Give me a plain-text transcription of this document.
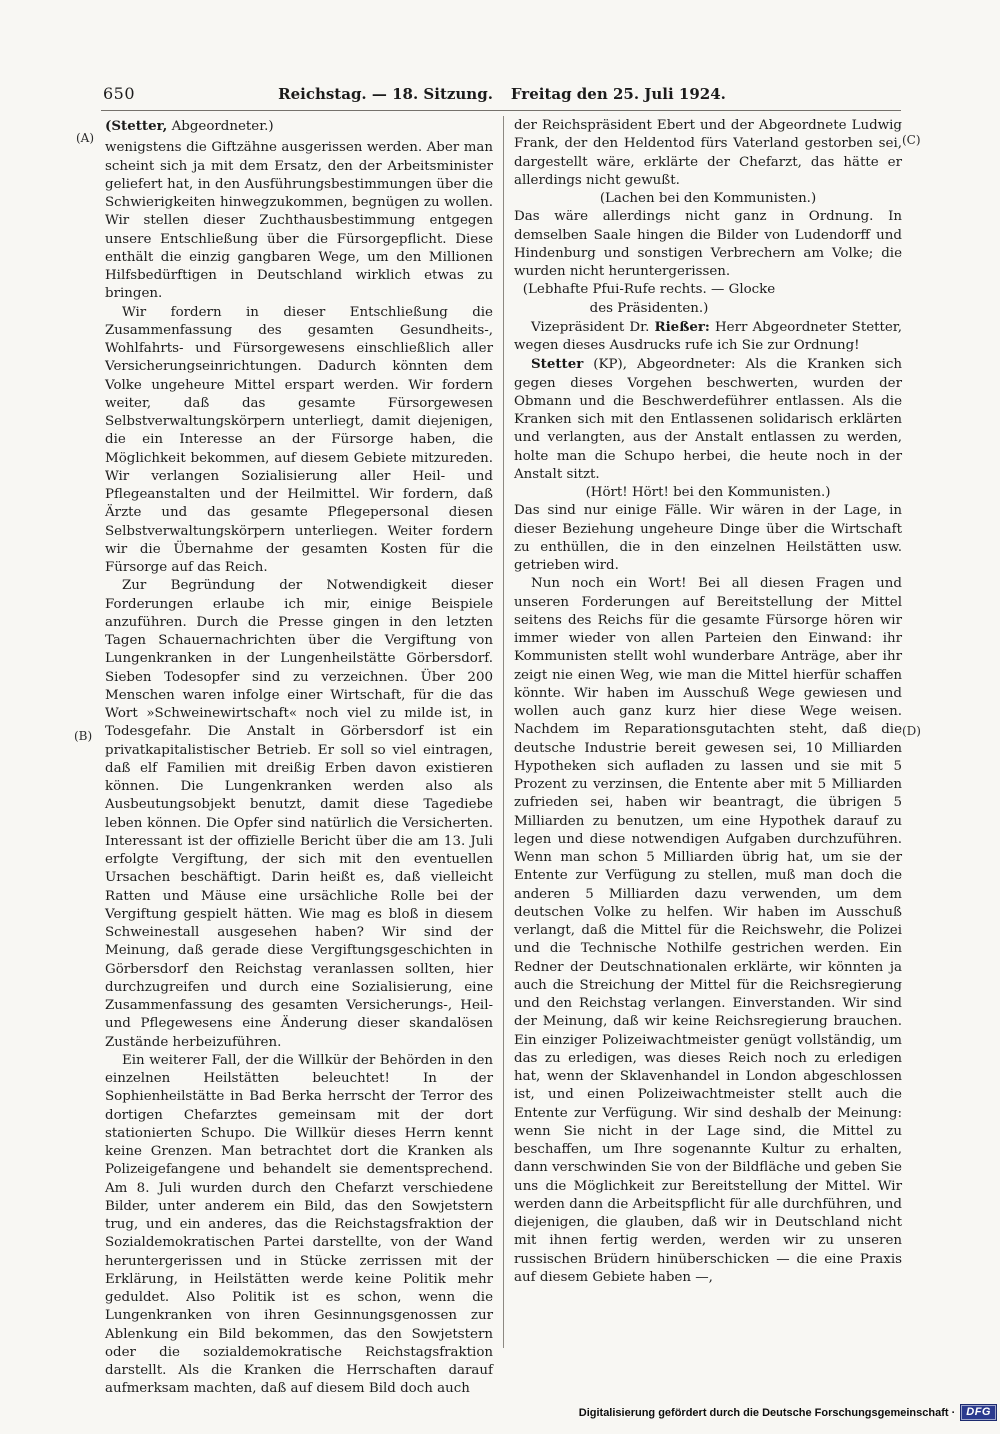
650	Reichstag. — 18. Sitzung. Freitag den 25. Juli 1924.
(A)
(B)
(C)
(D)

(Stetter, Abgeordneter.)

wenigstens die Giftzähne ausgerissen werden. Aber man scheint sich ja mit dem Ersatz, den der Arbeitsminister geliefert hat, in den Ausführungsbestimmungen über die Schwierigkeiten hinwegzukommen, begnügen zu wollen. Wir stellen dieser Zuchthausbestimmung entgegen unsere Entschließung über die Fürsorgepflicht. Diese enthält die einzig gangbaren Wege, um den Millionen Hilfsbedürftigen in Deutschland wirklich etwas zu bringen.

Wir fordern in dieser Entschließung die Zusammenfassung des gesamten Gesundheits-, Wohlfahrts- und Fürsorgewesens einschließlich aller Versicherungseinrichtungen. Dadurch könnten dem Volke ungeheure Mittel erspart werden. Wir fordern weiter, daß das gesamte Fürsorgewesen Selbstverwaltungskörpern unterliegt, damit diejenigen, die ein Interesse an der Fürsorge haben, die Möglichkeit bekommen, auf diesem Gebiete mitzureden. Wir verlangen Sozialisierung aller Heil- und Pflegeanstalten und der Heilmittel. Wir fordern, daß Ärzte und das gesamte Pflegepersonal diesen Selbstverwaltungskörpern unterliegen. Weiter fordern wir die Übernahme der gesamten Kosten für die Fürsorge auf das Reich.

Zur Begründung der Notwendigkeit dieser Forderungen erlaube ich mir, einige Beispiele anzuführen. Durch die Presse gingen in den letzten Tagen Schauernachrichten über die Vergiftung von Lungenkranken in der Lungenheilstätte Görbersdorf. Sieben Todesopfer sind zu verzeichnen. Über 200 Menschen waren infolge einer Wirtschaft, für die das Wort »Schweinewirtschaft« noch viel zu milde ist, in Todesgefahr. Die Anstalt in Görbersdorf ist ein privatkapitalistischer Betrieb. Er soll so viel eintragen, daß elf Familien mit dreißig Erben davon existieren können. Die Lungenkranken werden also als Ausbeutungsobjekt benutzt, damit diese Tagediebe leben können. Die Opfer sind natürlich die Versicherten. Interessant ist der offizielle Bericht über die am 13. Juli erfolgte Vergiftung, der sich mit den eventuellen Ursachen beschäftigt. Darin heißt es, daß vielleicht Ratten und Mäuse eine ursächliche Rolle bei der Vergiftung gespielt hätten. Wie mag es bloß in diesem Schweinestall ausgesehen haben? Wir sind der Meinung, daß gerade diese Vergiftungsgeschichten in Görbersdorf den Reichstag veranlassen sollten, hier durchzugreifen und durch eine Sozialisierung, eine Zusammenfassung des gesamten Versicherungs-, Heil- und Pflegewesens eine Änderung dieser skandalösen Zustände herbeizuführen.

Ein weiterer Fall, der die Willkür der Behörden in den einzelnen Heilstätten beleuchtet! In der Sophienheilstätte in Bad Berka herrscht der Terror des dortigen Chefarztes gemeinsam mit der dort stationierten Schupo. Die Willkür dieses Herrn kennt keine Grenzen. Man betrachtet dort die Kranken als Polizeigefangene und behandelt sie dementsprechend. Am 8. Juli wurden durch den Chefarzt verschiedene Bilder, unter anderem ein Bild, das den Sowjetstern trug, und ein anderes, das die Reichstagsfraktion der Sozialdemokratischen Partei darstellte, von der Wand heruntergerissen und in Stücke zerrissen mit der Erklärung, in Heilstätten werde keine Politik mehr geduldet. Also Politik ist es schon, wenn die Lungenkranken von ihren Gesinnungsgenossen zur Ablenkung ein Bild bekommen, das den Sowjetstern oder die sozialdemokratische Reichstagsfraktion darstellt. Als die Kranken die Herrschaften darauf aufmerksam machten, daß auf diesem Bild doch auch

der Reichspräsident Ebert und der Abgeordnete Ludwig Frank, der den Heldentod fürs Vaterland gestorben sei, dargestellt wäre, erklärte der Chefarzt, das hätte er allerdings nicht gewußt.

(Lachen bei den Kommunisten.)

Das wäre allerdings nicht ganz in Ordnung. In demselben Saale hingen die Bilder von Ludendorff und Hindenburg und sonstigen Verbrechern am Volke; die wurden nicht heruntergerissen.

(Lebhafte Pfui-Rufe rechts. — Glocke des Präsidenten.)

Vizepräsident Dr. Rießer: Herr Abgeordneter Stetter, wegen dieses Ausdrucks rufe ich Sie zur Ordnung!

Stetter (KP), Abgeordneter: Als die Kranken sich gegen dieses Vorgehen beschwerten, wurden der Obmann und die Beschwerdeführer entlassen. Als die Kranken sich mit den Entlassenen solidarisch erklärten und verlangten, aus der Anstalt entlassen zu werden, holte man die Schupo herbei, die heute noch in der Anstalt sitzt.

(Hört! Hört! bei den Kommunisten.)

Das sind nur einige Fälle. Wir wären in der Lage, in dieser Beziehung ungeheure Dinge über die Wirtschaft zu enthüllen, die in den einzelnen Heilstätten usw. getrieben wird.

Nun noch ein Wort! Bei all diesen Fragen und unseren Forderungen auf Bereitstellung der Mittel seitens des Reichs für die gesamte Fürsorge hören wir immer wieder von allen Parteien den Einwand: ihr Kommunisten stellt wohl wunderbare Anträge, aber ihr zeigt nie einen Weg, wie man die Mittel hierfür schaffen könnte. Wir haben im Ausschuß Wege gewiesen und wollen auch ganz kurz hier diese Wege weisen. Nachdem im Reparationsgutachten steht, daß die deutsche Industrie bereit gewesen sei, 10 Milliarden Hypotheken sich aufladen zu lassen und sie mit 5 Prozent zu verzinsen, die Entente aber mit 5 Milliarden zufrieden sei, haben wir beantragt, die übrigen 5 Milliarden zu benutzen, um eine Hypothek darauf zu legen und diese notwendigen Aufgaben durchzuführen. Wenn man schon 5 Milliarden übrig hat, um sie der Entente zur Verfügung zu stellen, muß man doch die anderen 5 Milliarden dazu verwenden, um dem deutschen Volke zu helfen. Wir haben im Ausschuß verlangt, daß die Mittel für die Reichswehr, die Polizei und die Technische Nothilfe gestrichen werden. Ein Redner der Deutschnationalen erklärte, wir könnten ja auch die Streichung der Mittel für die Reichsregierung und den Reichstag verlangen. Einverstanden. Wir sind der Meinung, daß wir keine Reichsregierung brauchen. Ein einziger Polizeiwachtmeister genügt vollständig, um das zu erledigen, was dieses Reich noch zu erledigen hat, wenn der Sklavenhandel in London abgeschlossen ist, und einen Polizeiwachtmeister stellt auch die Entente zur Verfügung. Wir sind deshalb der Meinung: wenn Sie nicht in der Lage sind, die Mittel zu beschaffen, um Ihre sogenannte Kultur zu erhalten, dann verschwinden Sie von der Bildfläche und geben Sie uns die Möglichkeit zur Bereitstellung der Mittel. Wir werden dann die Arbeitspflicht für alle durchführen, und diejenigen, die glauben, daß wir in Deutschland nicht mit ihnen fertig werden, werden wir zu unseren russischen Brüdern hinüberschicken — die eine Praxis auf diesem Gebiete haben —,

Digitalisierung gefördert durch die Deutsche Forschungsgemeinschaft ·	DFG
